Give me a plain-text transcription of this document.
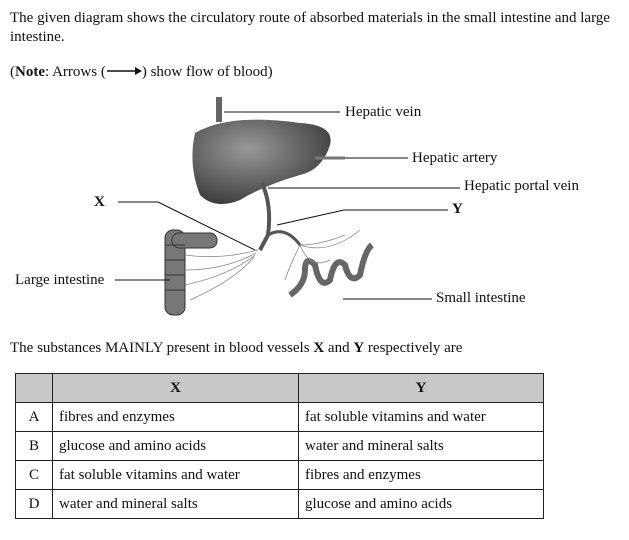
The given diagram shows the circulatory route of absorbed materials in the small intestine and large intestine.
(Note: Arrows ( ) show flow of blood)
Hepatic vein
Hepatic artery
Hepatic portal vein
Y
X
Large intestine
Small intestine
The substances MAINLY present in blood vessels X and Y respectively are
	X	Y
A	fibres and enzymes	fat soluble vitamins and water
B	glucose and amino acids	water and mineral salts
C	fat soluble vitamins and water	fibres and enzymes
D	water and mineral salts	glucose and amino acids
